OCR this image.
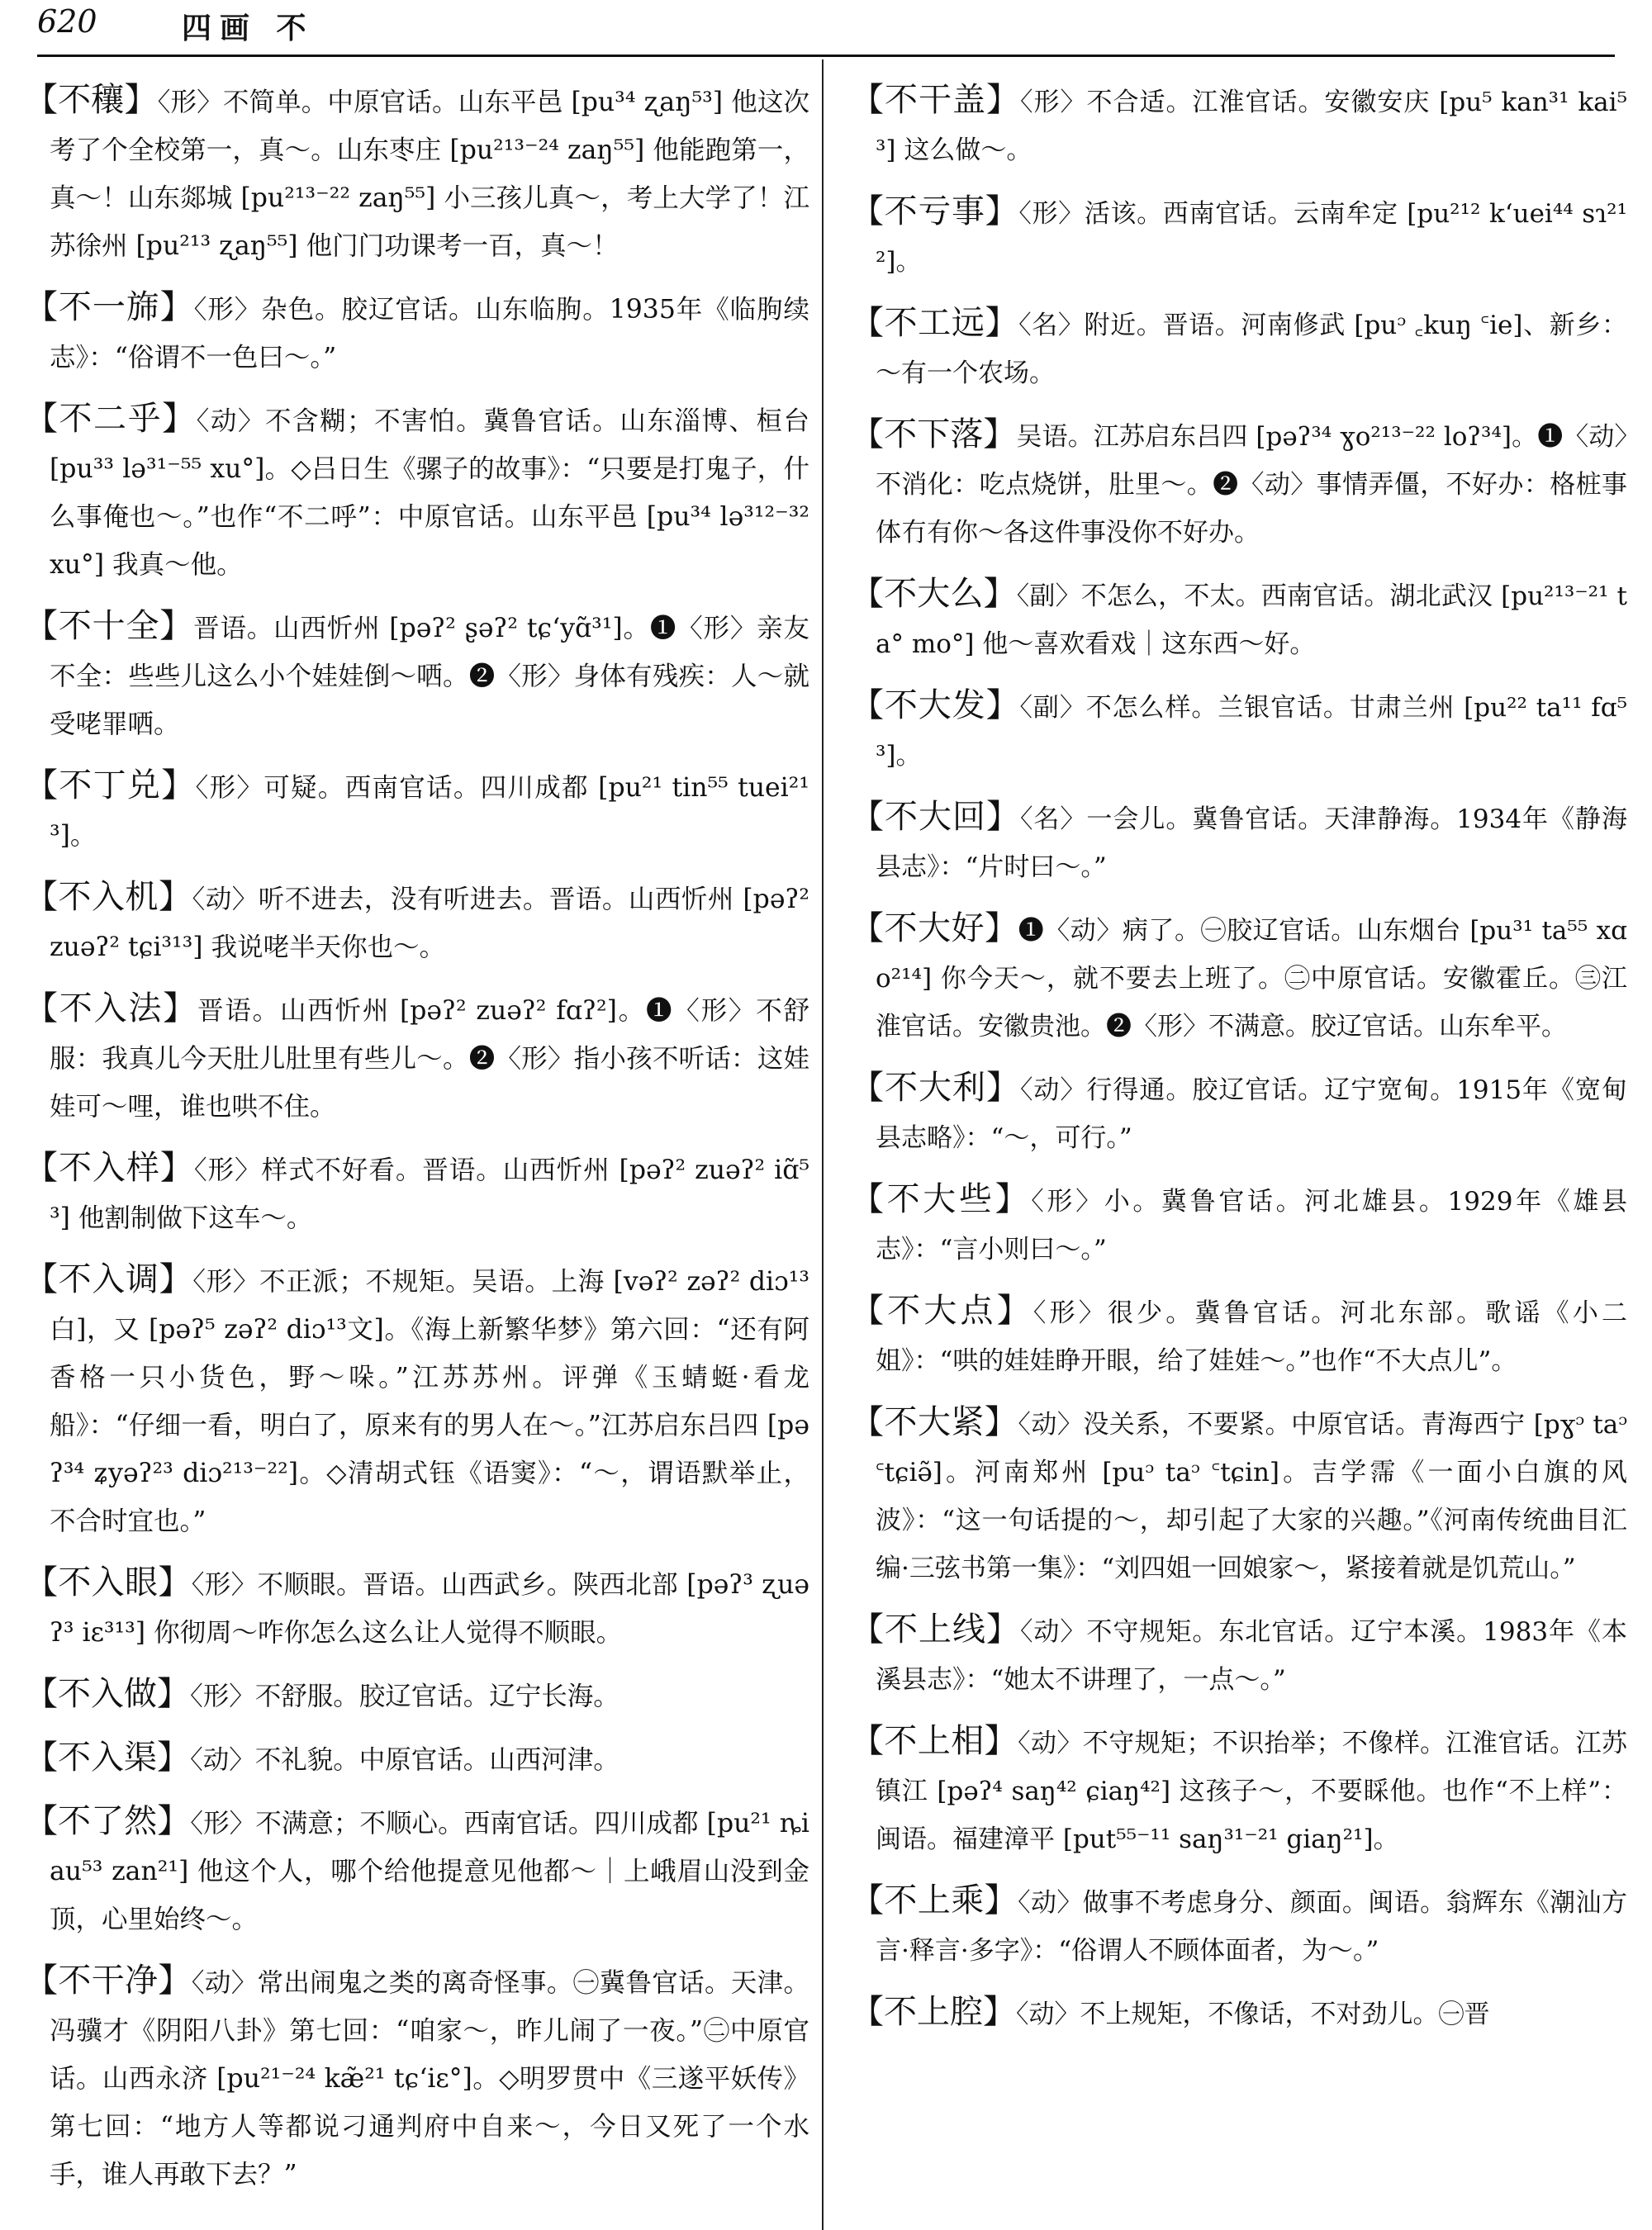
620	四画 不
【不穰】〈形〉不简单。中原官话。山东平邑 [pu³⁴ ʐaŋ⁵³] 他这次考了个全校第一，真～。山东枣庄 [pu²¹³⁻²⁴ zaŋ⁵⁵] 他能跑第一，真～！山东郯城 [pu²¹³⁻²² zaŋ⁵⁵] 小三孩儿真～，考上大学了！江苏徐州 [pu²¹³ ʐaŋ⁵⁵] 他门门功课考一百，真～！
【不一旆】〈形〉杂色。胶辽官话。山东临朐。1935年《临朐续志》：“俗谓不一色曰～。”
【不二乎】〈动〉不含糊；不害怕。冀鲁官话。山东淄博、桓台 [pu³³ lə³¹⁻⁵⁵ xu°]。◇吕日生《骡子的故事》：“只要是打鬼子，什么事俺也～。”也作“不二呼”：中原官话。山东平邑 [pu³⁴ lə³¹²⁻³² xu°] 我真～他。
【不十全】晋语。山西忻州 [pəʔ² ʂəʔ² tɕʻyɑ̃³¹]。❶〈形〉亲友不全：些些儿这么小个娃娃倒～哂。❷〈形〉身体有残疾：人～就受咾罪哂。
【不丁兑】〈形〉可疑。西南官话。四川成都 [pu²¹ tin⁵⁵ tuei²¹³]。
【不入机】〈动〉听不进去，没有听进去。晋语。山西忻州 [pəʔ² zuəʔ² tɕi³¹³] 我说咾半天你也～。
【不入法】晋语。山西忻州 [pəʔ² zuəʔ² fɑʔ²]。❶〈形〉不舒服：我真儿今天肚儿肚里有些儿～。❷〈形〉指小孩不听话：这娃娃可～哩，谁也哄不住。
【不入样】〈形〉样式不好看。晋语。山西忻州 [pəʔ² zuəʔ² iɑ̃⁵³] 他割制做下这车～。
【不入调】〈形〉不正派；不规矩。吴语。上海 [vəʔ² zəʔ² diɔ¹³白]，又 [pəʔ⁵ zəʔ² diɔ¹³文]。《海上新繁华梦》第六回：“还有阿香格一只小货色，野～哚。”江苏苏州。评弹《玉蜻蜓·看龙船》：“仔细一看，明白了，原来有的男人在～。”江苏启东吕四 [pəʔ³⁴ ʑyəʔ²³ diɔ²¹³⁻²²]。◇清胡式钰《语窦》：“～，谓语默举止，不合时宜也。”
【不入眼】〈形〉不顺眼。晋语。山西武乡。陕西北部 [pəʔ³ ʐuəʔ³ iɛ³¹³] 你彻周～咋你怎么这么让人觉得不顺眼。
【不入做】〈形〉不舒服。胶辽官话。辽宁长海。
【不入渠】〈动〉不礼貌。中原官话。山西河津。
【不了然】〈形〉不满意；不顺心。西南官话。四川成都 [pu²¹ ȵiau⁵³ zan²¹] 他这个人，哪个给他提意见他都～｜上峨眉山没到金顶，心里始终～。
【不干净】〈动〉常出闹鬼之类的离奇怪事。㊀冀鲁官话。天津。冯骥才《阴阳八卦》第七回：“咱家～，昨儿闹了一夜。”㊁中原官话。山西永济 [pu²¹⁻²⁴ kæ̃²¹ tɕʻiɛ°]。◇明罗贯中《三遂平妖传》第七回：“地方人等都说刁通判府中自来～，今日又死了一个水手，谁人再敢下去？”
【不干盖】〈形〉不合适。江淮官话。安徽安庆 [pu⁵ kan³¹ kai⁵³] 这么做～。
【不亏事】〈形〉活该。西南官话。云南牟定 [pu²¹² kʻuei⁴⁴ sɿ²¹²]。
【不工远】〈名〉附近。晋语。河南修武 [puᵓ ꜀kuŋ ꜂ie]、新乡：～有一个农场。
【不下落】吴语。江苏启东吕四 [pəʔ³⁴ ɣo²¹³⁻²² loʔ³⁴]。❶〈动〉不消化：吃点烧饼，肚里～。❷〈动〉事情弄僵，不好办：格桩事体冇有你～各这件事没你不好办。
【不大么】〈副〉不怎么，不太。西南官话。湖北武汉 [pu²¹³⁻²¹ ta° mo°] 他～喜欢看戏｜这东西～好。
【不大发】〈副〉不怎么样。兰银官话。甘肃兰州 [pu²² ta¹¹ fɑ⁵³]。
【不大回】〈名〉一会儿。冀鲁官话。天津静海。1934年《静海县志》：“片时曰～。”
【不大好】❶〈动〉病了。㊀胶辽官话。山东烟台 [pu³¹ ta⁵⁵ xɑo²¹⁴] 你今天～，就不要去上班了。㊁中原官话。安徽霍丘。㊂江淮官话。安徽贵池。❷〈形〉不满意。胶辽官话。山东牟平。
【不大利】〈动〉行得通。胶辽官话。辽宁宽甸。1915年《宽甸县志略》：“～，可行。”
【不大些】〈形〉小。冀鲁官话。河北雄县。1929年《雄县志》：“言小则曰～。”
【不大点】〈形〉很少。冀鲁官话。河北东部。歌谣《小二姐》：“哄的娃娃睁开眼，给了娃娃～。”也作“不大点儿”。
【不大紧】〈动〉没关系，不要紧。中原官话。青海西宁 [pɣᵓ taᵓ ꜂tɕiə̃]。河南郑州 [puᵓ taᵓ ꜂tɕin]。吉学霈《一面小白旗的风波》：“这一句话提的～，却引起了大家的兴趣。”《河南传统曲目汇编·三弦书第一集》：“刘四姐一回娘家～，紧接着就是饥荒山。”
【不上线】〈动〉不守规矩。东北官话。辽宁本溪。1983年《本溪县志》：“她太不讲理了，一点～。”
【不上相】〈动〉不守规矩；不识抬举；不像样。江淮官话。江苏镇江 [pəʔ⁴ saŋ⁴² ɕiaŋ⁴²] 这孩子～，不要睬他。也作“不上样”：闽语。福建漳平 [put⁵⁵⁻¹¹ saŋ³¹⁻²¹ giaŋ²¹]。
【不上乘】〈动〉做事不考虑身分、颜面。闽语。翁辉东《潮汕方言·释言·多字》：“俗谓人不顾体面者，为～。”
【不上腔】〈动〉不上规矩，不像话，不对劲儿。㊀晋
